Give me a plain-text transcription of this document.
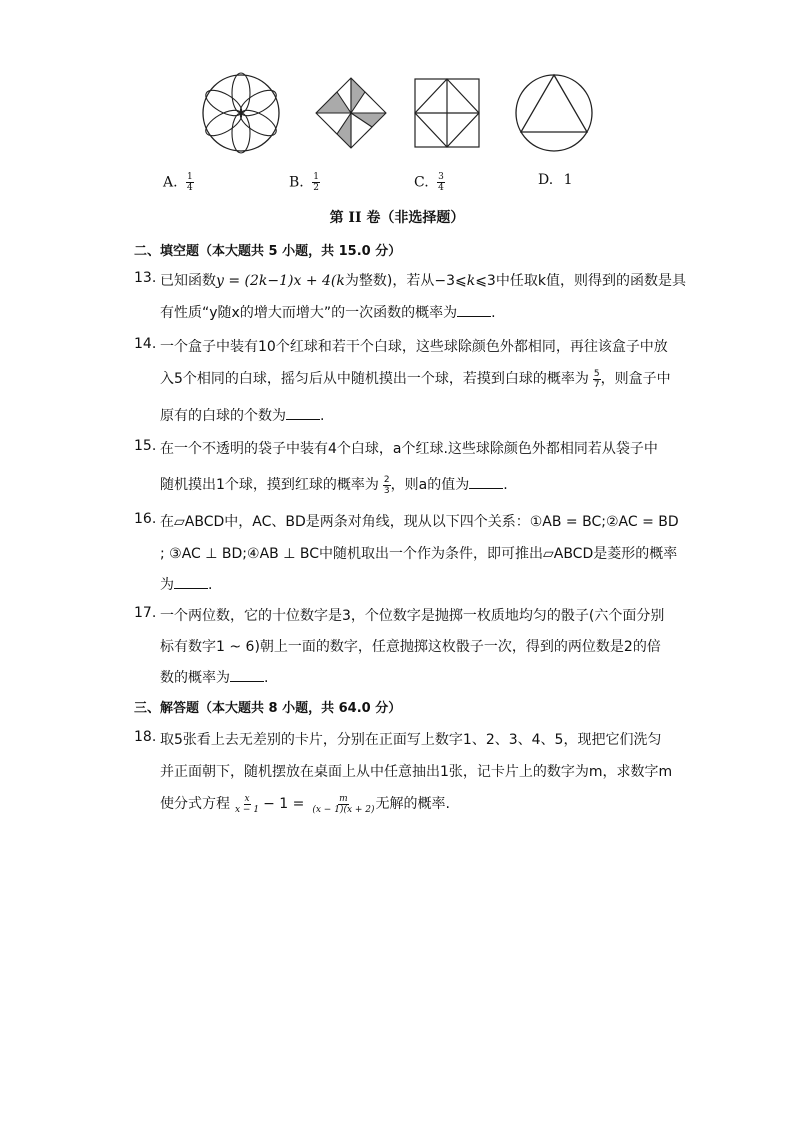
A. $\frac{1}{4}$	B. $\frac{1}{2}$	C. $\frac{3}{4}$	D. 1
第 II 卷（非选择题）
二、填空题（本大题共 5 小题，共 15.0 分）
13. 已知函数y = (2k−1)x + 4(k为整数)，若从−3⩽k⩽3中任取k值，则得到的函数是具
有性质“y随x的增大而增大”的一次函数的概率为 .
14. 一个盒子中装有10个红球和若干个白球，这些球除颜色外都相同，再往该盒子中放
入5个相同的白球，摇匀后从中随机摸出一个球，若摸到白球的概率为 $\frac{5}{7}$ ，则盒子中
原有的白球的个数为 .
15. 在一个不透明的袋子中装有4个白球，a个红球.这些球除颜色外都相同若从袋子中
随机摸出1个球，摸到红球的概率为 $\frac{2}{3}$ ，则a的值为 .
16. 在▱ABCD中，AC、BD是两条对角线，现从以下四个关系：①AB = BC;②AC = BD
; ③AC ⊥ BD;④AB ⊥ BC中随机取出一个作为条件，即可推出▱ABCD是菱形的概率
为 .
17. 一个两位数，它的十位数字是3，个位数字是抛掷一枚质地均匀的骰子(六个面分别
标有数字1 ~ 6)朝上一面的数字，任意抛掷这枚骰子一次，得到的两位数是2的倍
数的概率为 .
三、解答题（本大题共 8 小题，共 64.0 分）
18. 取5张看上去无差别的卡片，分别在正面写上数字1、2、3、4、5，现把它们洗匀
并正面朝下，随机摆放在桌面上从中任意抽出1张，记卡片上的数字为m，求数字m
使分式方程 $\frac{x}{x - 1} - 1 = \frac{m}{(x - 1)(x + 2)}$ 无解的概率.
